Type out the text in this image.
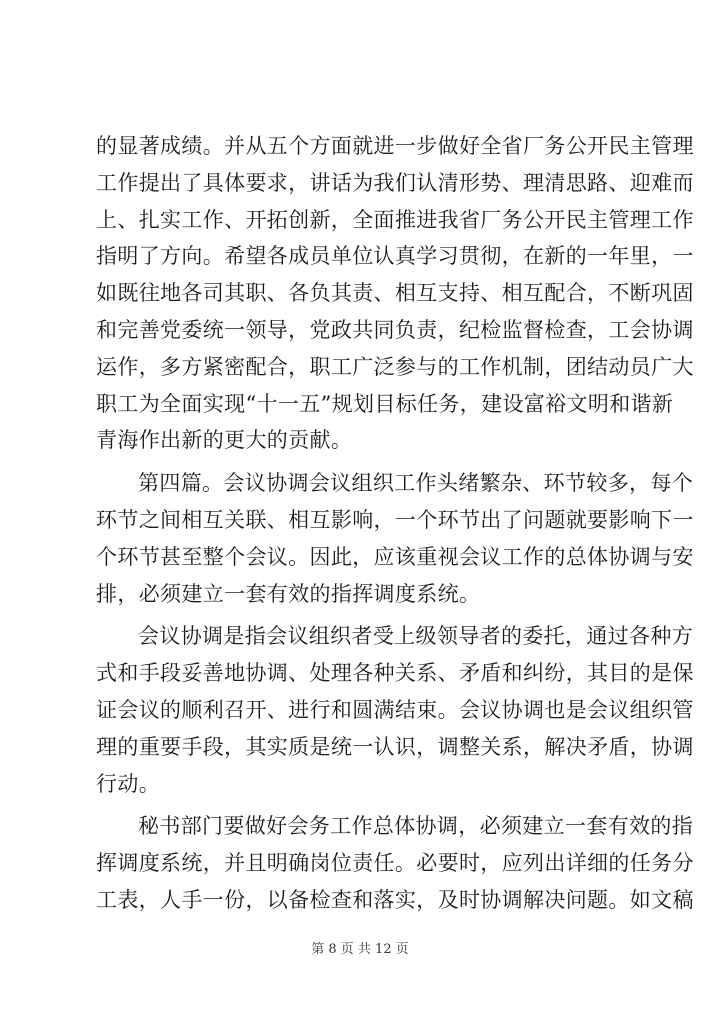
的显著成绩。并从五个方面就进一步做好全省厂务公开民主管理
工作提出了具体要求，讲话为我们认清形势、理清思路、迎难而
上、扎实工作、开拓创新，全面推进我省厂务公开民主管理工作
指明了方向。希望各成员单位认真学习贯彻，在新的一年里，一
如既往地各司其职、各负其责、相互支持、相互配合，不断巩固
和完善党委统一领导，党政共同负责，纪检监督检查，工会协调
运作，多方紧密配合，职工广泛参与的工作机制，团结动员广大
职工为全面实现“十一五”规划目标任务，建设富裕文明和谐新
青海作出新的更大的贡献。
第四篇。会议协调会议组织工作头绪繁杂、环节较多，每个
环节之间相互关联、相互影响，一个环节出了问题就要影响下一
个环节甚至整个会议。因此，应该重视会议工作的总体协调与安
排，必须建立一套有效的指挥调度系统。
会议协调是指会议组织者受上级领导者的委托，通过各种方
式和手段妥善地协调、处理各种关系、矛盾和纠纷，其目的是保
证会议的顺利召开、进行和圆满结束。会议协调也是会议组织管
理的重要手段，其实质是统一认识，调整关系，解决矛盾，协调
行动。
秘书部门要做好会务工作总体协调，必须建立一套有效的指
挥调度系统，并且明确岗位责任。必要时，应列出详细的任务分
工表，人手一份，以备检查和落实，及时协调解决问题。如文稿
第 8 页 共 12 页
